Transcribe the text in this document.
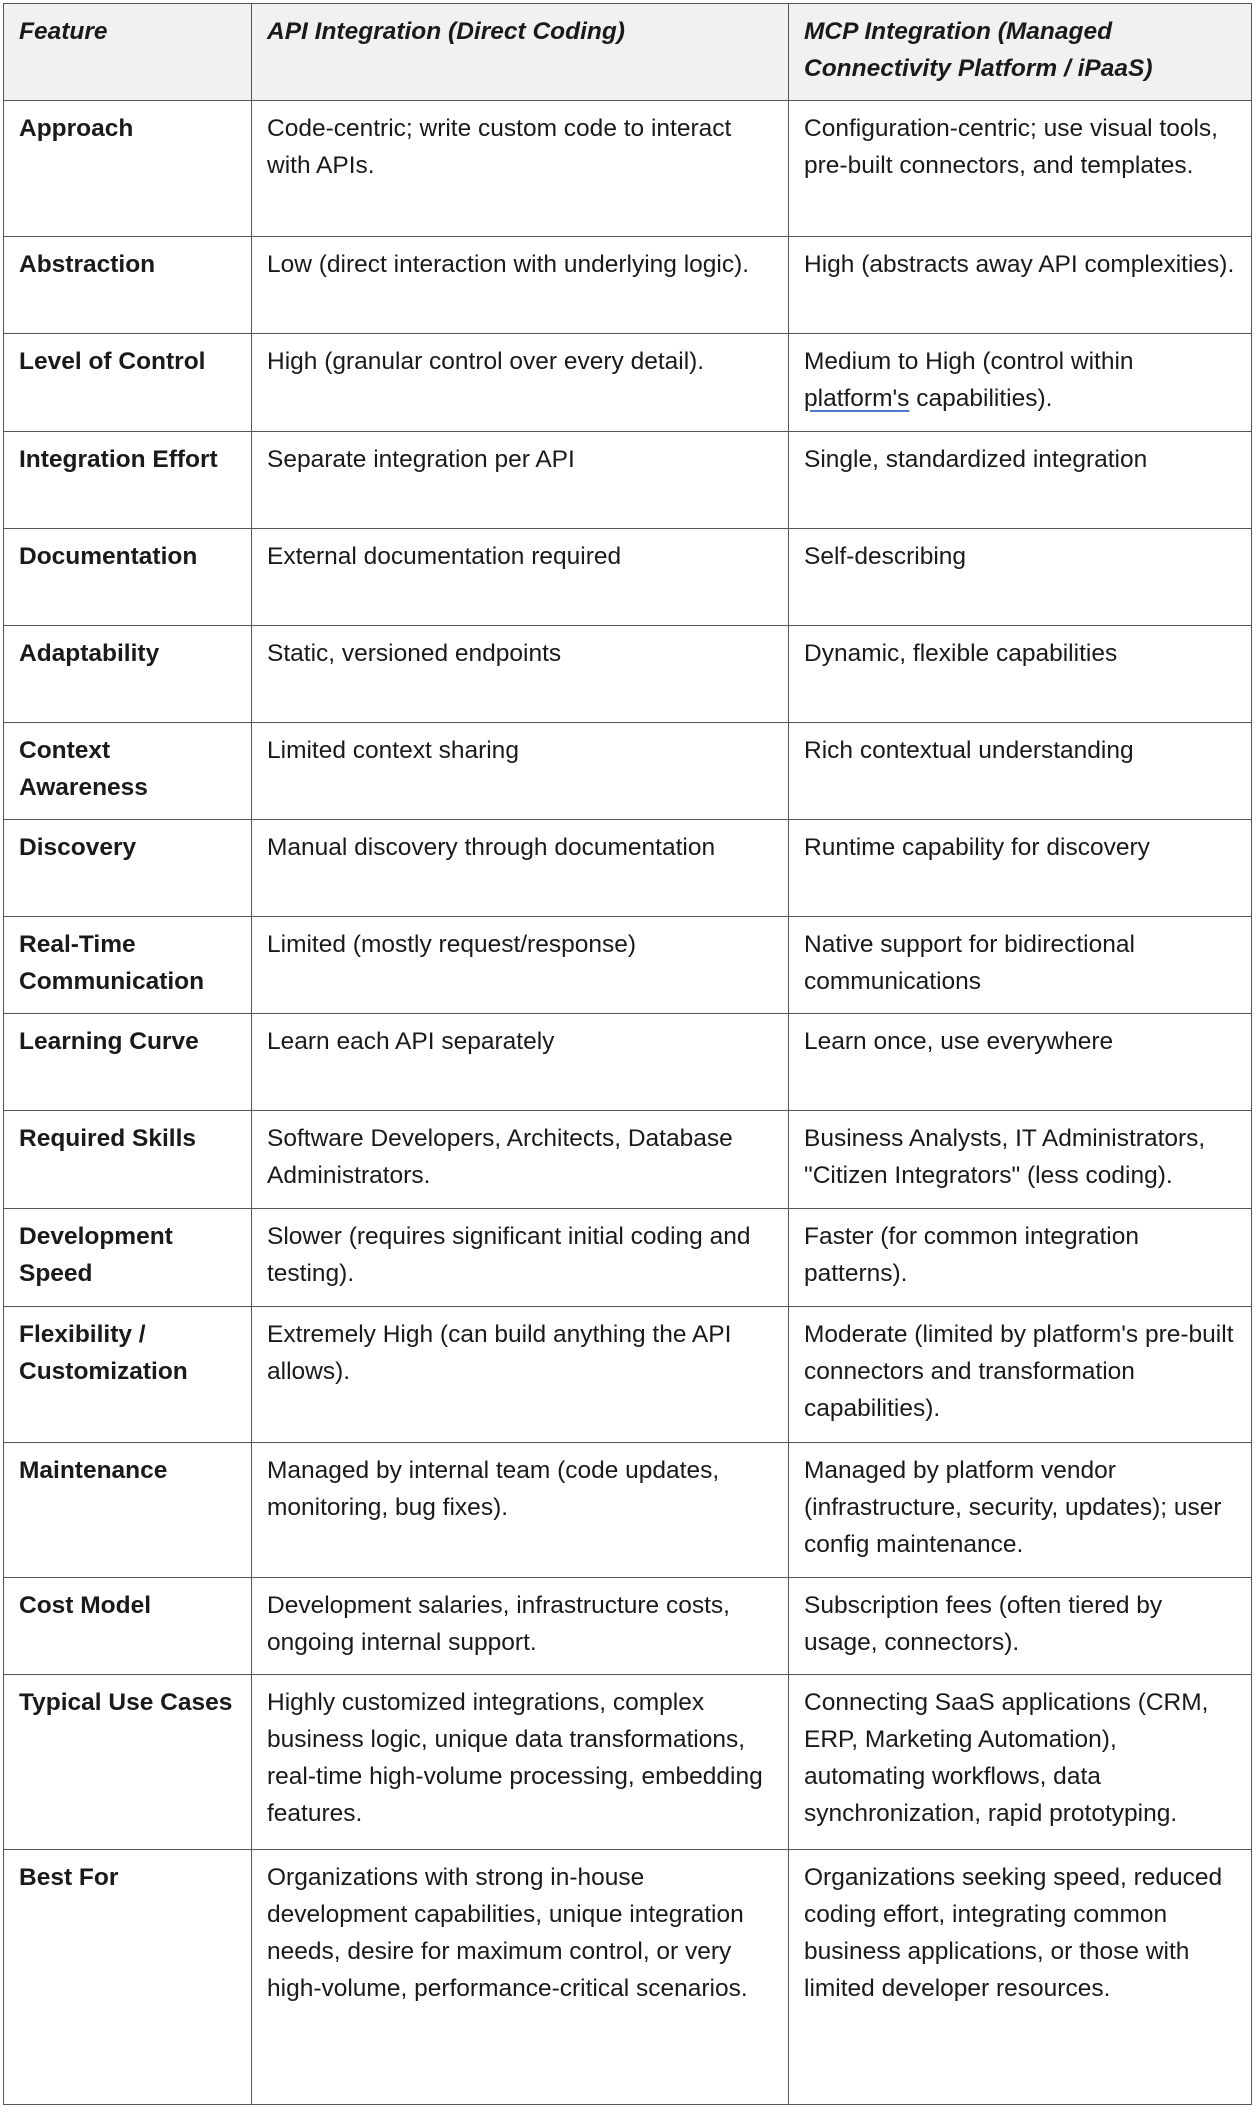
Feature	API Integration (Direct Coding)	MCP Integration (Managed Connectivity Platform / iPaaS)
Approach	Code-centric; write custom code to interact with APIs.	Configuration-centric; use visual tools, pre-built connectors, and templates.
Abstraction	Low (direct interaction with underlying logic).	High (abstracts away API complexities).
Level of Control	High (granular control over every detail).	Medium to High (control within platform's capabilities).
Integration Effort	Separate integration per API	Single, standardized integration
Documentation	External documentation required	Self-describing
Adaptability	Static, versioned endpoints	Dynamic, flexible capabilities
Context Awareness	Limited context sharing	Rich contextual understanding
Discovery	Manual discovery through documentation	Runtime capability for discovery
Real-Time Communication	Limited (mostly request/response)	Native support for bidirectional communications
Learning Curve	Learn each API separately	Learn once, use everywhere
Required Skills	Software Developers, Architects, Database Administrators.	Business Analysts, IT Administrators, "Citizen Integrators" (less coding).
Development Speed	Slower (requires significant initial coding and testing).	Faster (for common integration patterns).
Flexibility / Customization	Extremely High (can build anything the API allows).	Moderate (limited by platform's pre-built connectors and transformation capabilities).
Maintenance	Managed by internal team (code updates, monitoring, bug fixes).	Managed by platform vendor (infrastructure, security, updates); user config maintenance.
Cost Model	Development salaries, infrastructure costs, ongoing internal support.	Subscription fees (often tiered by usage, connectors).
Typical Use Cases	Highly customized integrations, complex business logic, unique data transformations, real-time high-volume processing, embedding features.	Connecting SaaS applications (CRM, ERP, Marketing Automation), automating workflows, data synchronization, rapid prototyping.
Best For	Organizations with strong in-house development capabilities, unique integration needs, desire for maximum control, or very high-volume, performance-critical scenarios.	Organizations seeking speed, reduced coding effort, integrating common business applications, or those with limited developer resources.
